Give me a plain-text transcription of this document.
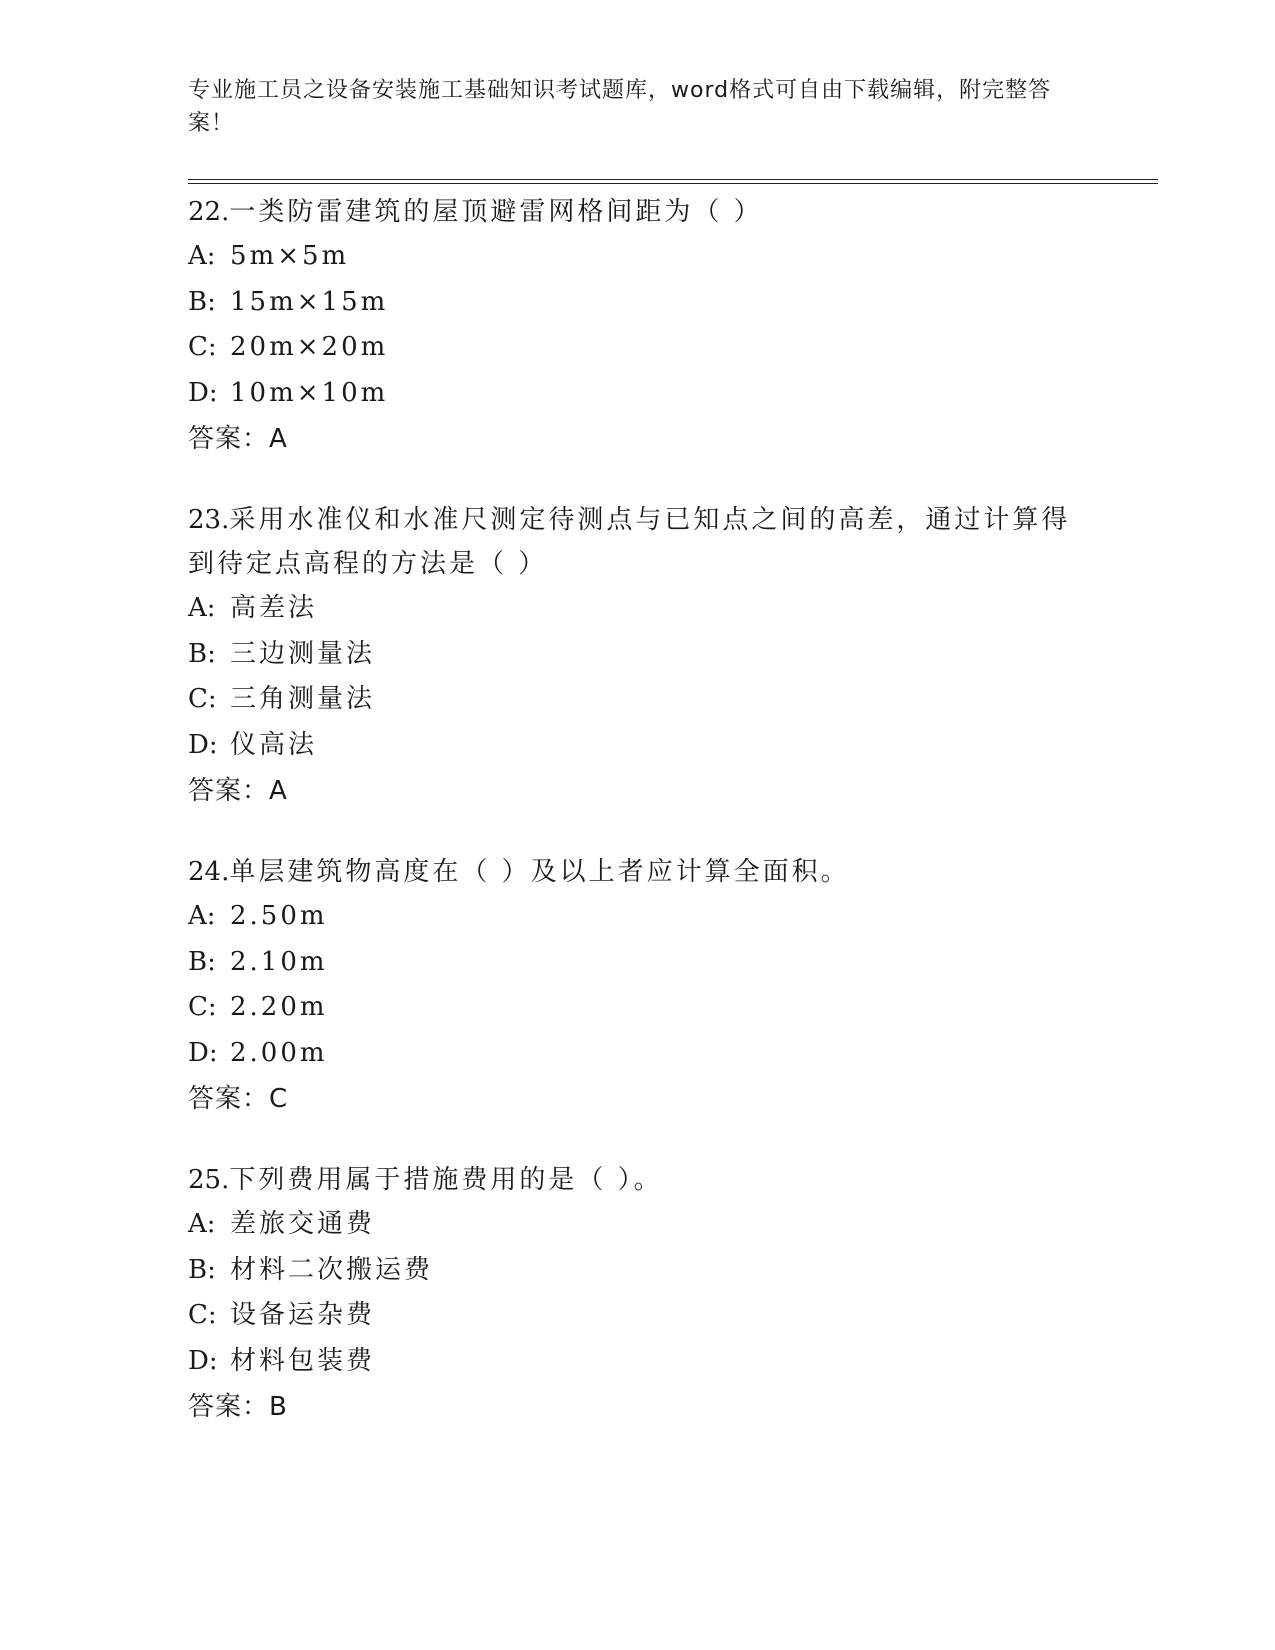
专业施工员之设备安装施工基础知识考试题库，word格式可自由下载编辑，附完整答案！
22.一类防雷建筑的屋顶避雷网格间距为（ ）
A: 5m×5m
B: 15m×15m
C: 20m×20m
D: 10m×10m
答案：A
23.采用水准仪和水准尺测定待测点与已知点之间的高差，通过计算得到待定点高程的方法是（ ）
A: 高差法
B: 三边测量法
C: 三角测量法
D: 仪高法
答案：A
24.单层建筑物高度在（ ）及以上者应计算全面积。
A: 2.50m
B: 2.10m
C: 2.20m
D: 2.00m
答案：C
25.下列费用属于措施费用的是（ ）。
A: 差旅交通费
B: 材料二次搬运费
C: 设备运杂费
D: 材料包装费
答案：B
